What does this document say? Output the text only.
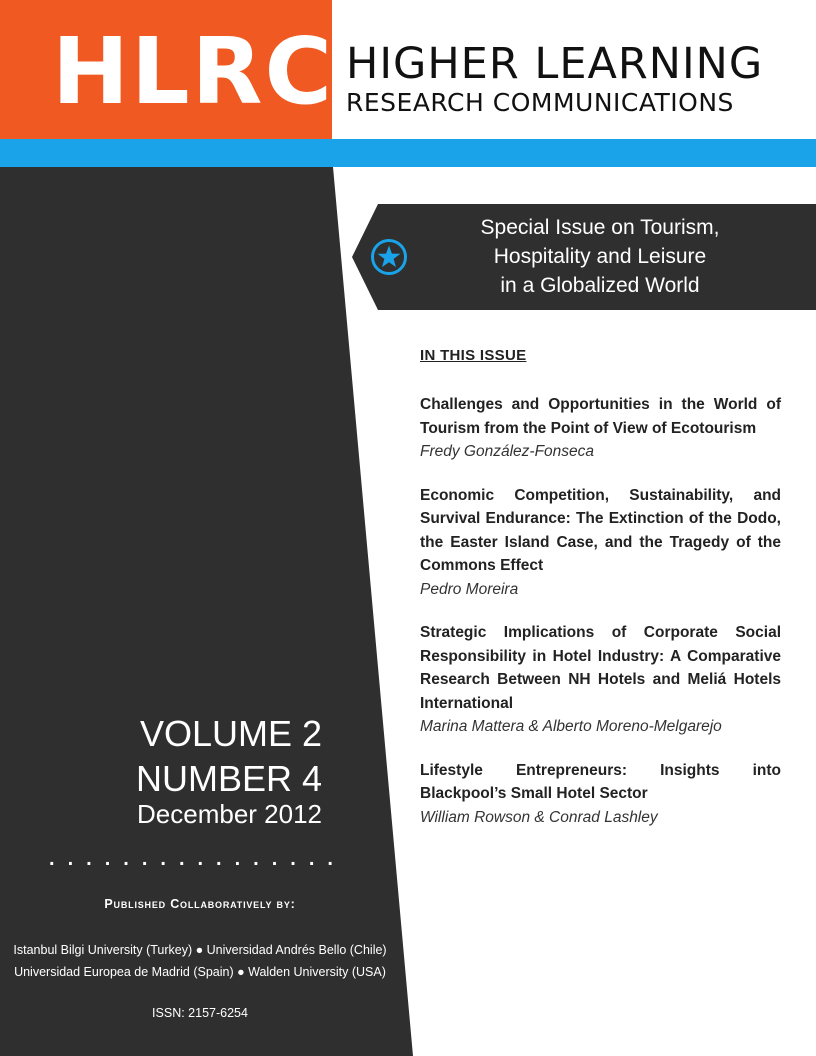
HLRC HIGHER LEARNING
RESEARCH COMMUNICATIONS
Special Issue on Tourism,
Hospitality and Leisure
in a Globalized World
IN THIS ISSUE
Challenges and Opportunities in the World of Tourism from the Point of View of Ecotourism
Fredy González-Fonseca
Economic Competition, Sustainability, and Survival Endurance: The Extinction of the Dodo, the Easter Island Case, and the Tragedy of the Commons Effect
Pedro Moreira
Strategic Implications of Corporate Social Responsibility in Hotel Industry: A Comparative Research Between NH Hotels and Meliá Hotels International
Marina Mattera & Alberto Moreno-Melgarejo
Lifestyle Entrepreneurs: Insights into Blackpool’s Small Hotel Sector
William Rowson & Conrad Lashley
VOLUME 2
NUMBER 4
December 2012
................
Published Collaboratively by:
Istanbul Bilgi University (Turkey) ● Universidad Andrés Bello (Chile)
Universidad Europea de Madrid (Spain) ● Walden University (USA)
ISSN: 2157-6254
